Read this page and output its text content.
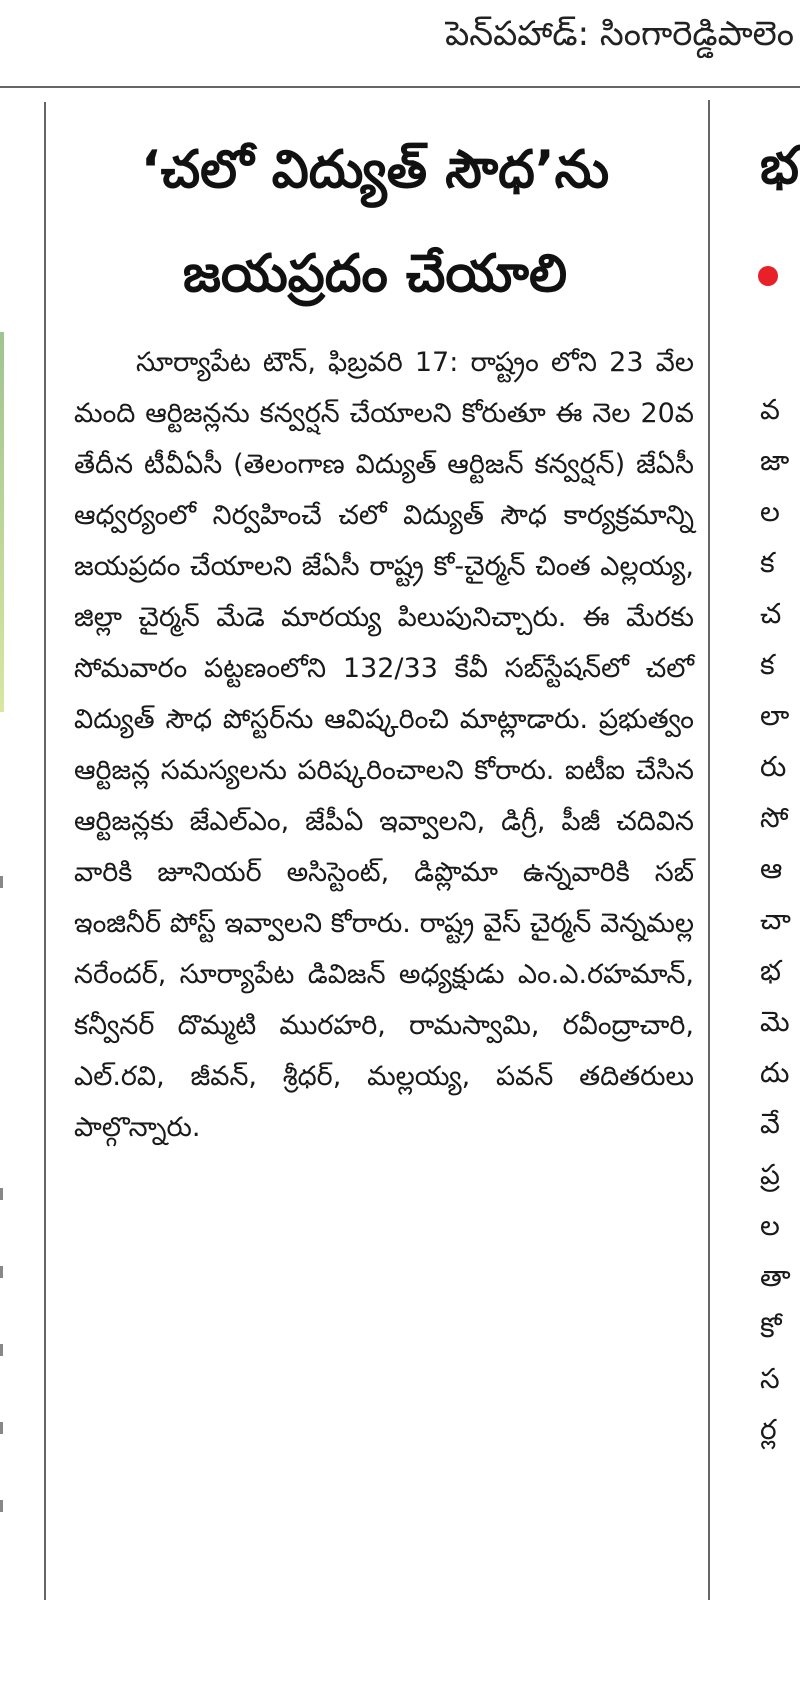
పెన్‌పహాడ్: సింగారెడ్డిపాలెం
‘చలో విద్యుత్ సౌధ’ను జయప్రదం చేయాలి

సూర్యాపేట టౌన్, ఫిబ్రవరి 17: రాష్ట్రం లోని 23 వేల మంది ఆర్టిజన్లను కన్వర్షన్ చేయాలని కోరుతూ ఈ నెల 20వ తేదీన టీవీఏసీ (తెలంగాణ విద్యుత్ ఆర్టిజన్ కన్వర్షన్) జేఏసీ ఆధ్వర్యంలో నిర్వహించే చలో విద్యుత్ సౌధ కార్యక్రమాన్ని జయప్రదం చేయాలని జేఏసీ రాష్ట్ర కో-చైర్మన్ చింత ఎల్లయ్య, జిల్లా చైర్మన్ మేడె మారయ్య పిలుపునిచ్చారు. ఈ మేరకు సోమవారం పట్టణంలోని 132/33 కేవీ సబ్‌స్టేషన్‌లో చలో విద్యుత్ సౌధ పోస్టర్‌ను ఆవిష్కరించి మాట్లాడారు. ప్రభుత్వం ఆర్టిజన్ల సమస్యలను పరిష్కరించాలని కోరారు. ఐటీఐ చేసిన ఆర్టిజన్లకు జేఎల్ఎం, జేపీఏ ఇవ్వాలని, డిగ్రీ, పీజీ చదివిన వారికి జూనియర్ అసిస్టెంట్, డిప్లొమా ఉన్నవారికి సబ్ ఇంజినీర్ పోస్ట్ ఇవ్వాలని కోరారు. రాష్ట్ర వైస్ చైర్మన్ వెన్నమల్ల నరేందర్, సూర్యాపేట డివిజన్ అధ్యక్షుడు ఎం.ఎ.రహమాన్, కన్వీనర్ దొమ్మటి మురహరి, రామస్వామి, రవీంద్రాచారి, ఎల్.రవి, జీవన్, శ్రీధర్, మల్లయ్య, పవన్ తదితరులు పాల్గొన్నారు.

భ
వ
జా
ల
క
చ
క
లా
రు
సో
ఆ
చా
భ
మె
దు
వే
ప్ర
ల
తా
కో
స
ర్ల
